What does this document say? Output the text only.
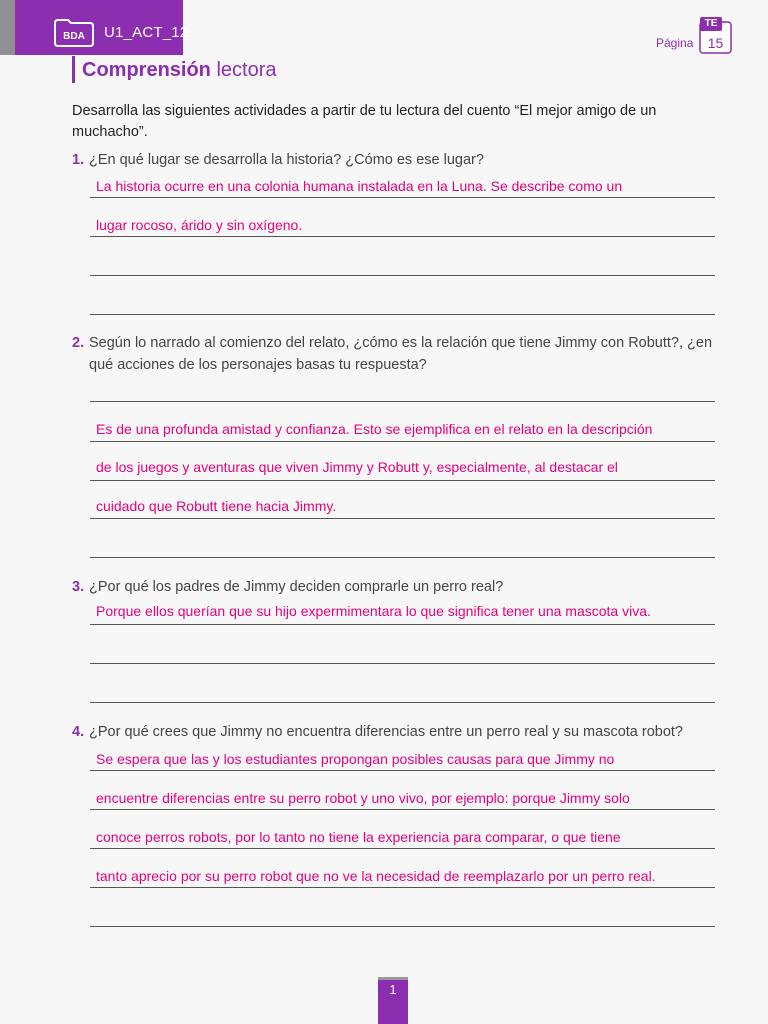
BDA U1_ACT_12
Página
TE
15
Comprensión lectora
Desarrolla las siguientes actividades a partir de tu lectura del cuento “El mejor amigo de un muchacho”.
1. ¿En qué lugar se desarrolla la historia? ¿Cómo es ese lugar?
La historia ocurre en una colonia humana instalada en la Luna. Se describe como un
lugar rocoso, árido y sin oxígeno.
2. Según lo narrado al comienzo del relato, ¿cómo es la relación que tiene Jimmy con Robutt?, ¿en qué acciones de los personajes basas tu respuesta?
Es de una profunda amistad y confianza. Esto se ejemplifica en el relato en la descripción
de los juegos y aventuras que viven Jimmy y Robutt y, especialmente, al destacar el
cuidado que Robutt tiene hacia Jimmy.
3. ¿Por qué los padres de Jimmy deciden comprarle un perro real?
Porque ellos querían que su hijo expermimentara lo que significa tener una mascota viva.
4. ¿Por qué crees que Jimmy no encuentra diferencias entre un perro real y su mascota robot?
Se espera que las y los estudiantes propongan posibles causas para que Jimmy no
encuentre diferencias entre su perro robot y uno vivo, por ejemplo: porque Jimmy solo
conoce perros robots, por lo tanto no tiene la experiencia para comparar, o que tiene
tanto aprecio por su perro robot que no ve la necesidad de reemplazarlo por un perro real.
1
